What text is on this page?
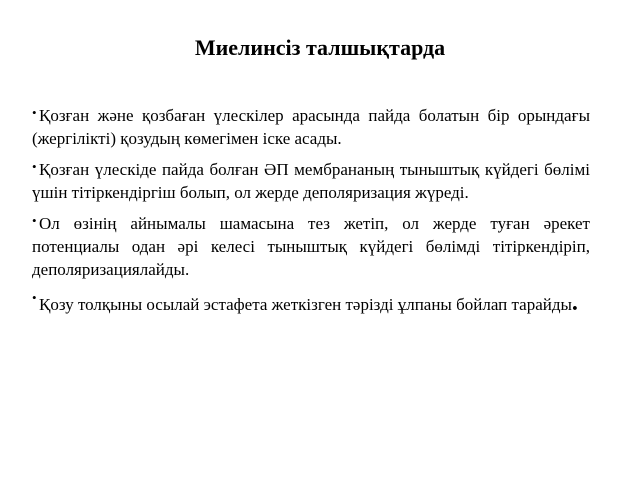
Миелинсіз талшықтарда
• Қозған және қозбаған үлескілер арасында пайда болатын бір орындағы (жергілікті) қозудың көмегімен іске асады.
• Қозған үлескіде пайда болған ӘП мембрананың тыныштық күйдегі бөлімі үшін тітіркендіргіш болып, ол жерде деполяризация жүреді.
• Ол өзінің айнымалы шамасына тез жетіп, ол жерде туған әрекет потенциалы одан әрі келесі тыныштық күйдегі бөлімді тітіркендіріп, деполяризациялайды.
• Қозу толқыны осылай эстафета жеткізген тәрізді ұлпаны бойлап тарайды.
